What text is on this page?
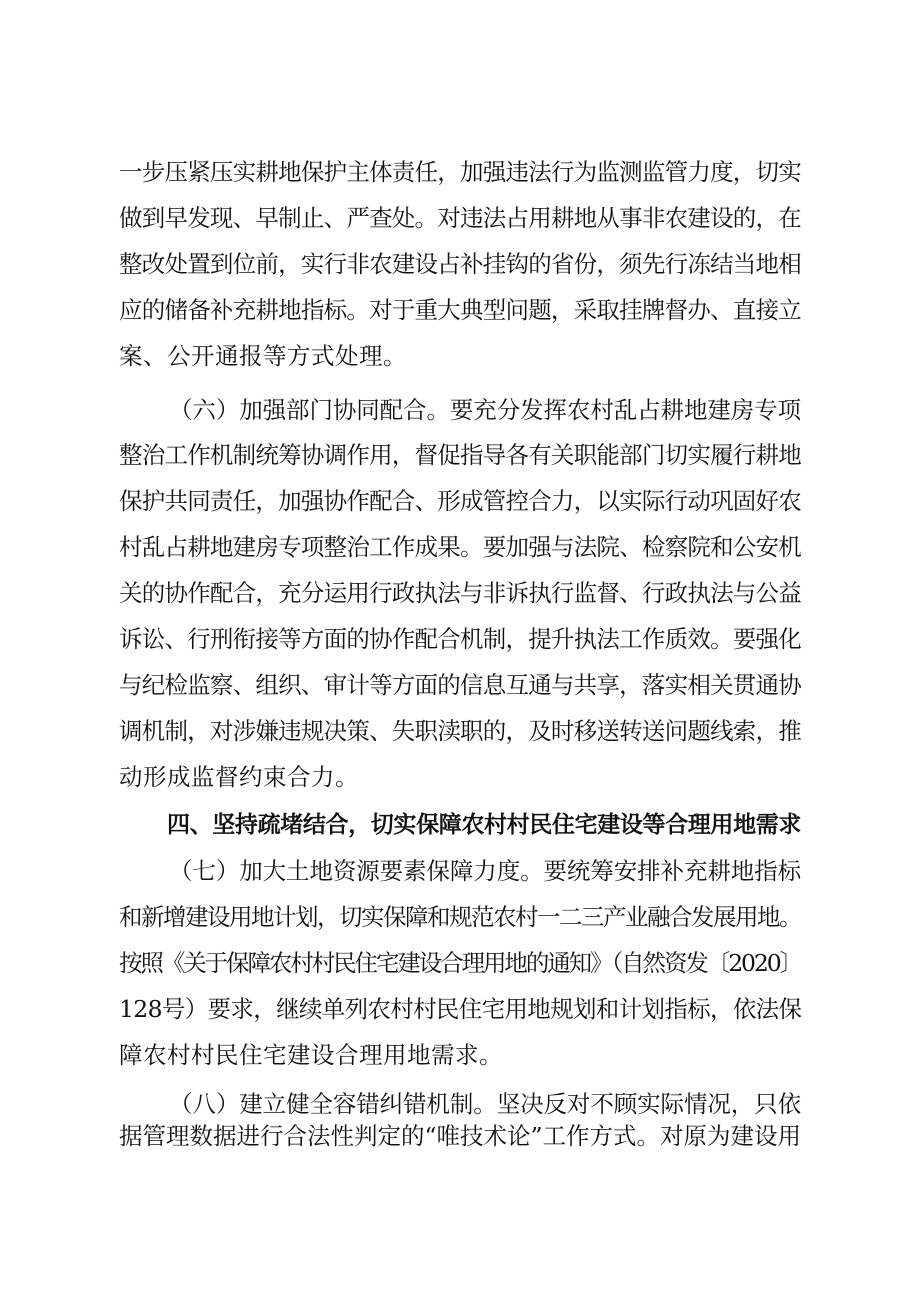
一步压紧压实耕地保护主体责任，加强违法行为监测监管力度，切实
做到早发现、早制止、严查处。对违法占用耕地从事非农建设的，在
整改处置到位前，实行非农建设占补挂钩的省份，须先行冻结当地相
应的储备补充耕地指标。对于重大典型问题，采取挂牌督办、直接立
案、公开通报等方式处理。
（六）加强部门协同配合。要充分发挥农村乱占耕地建房专项
整治工作机制统筹协调作用，督促指导各有关职能部门切实履行耕地
保护共同责任，加强协作配合、形成管控合力，以实际行动巩固好农
村乱占耕地建房专项整治工作成果。要加强与法院、检察院和公安机
关的协作配合，充分运用行政执法与非诉执行监督、行政执法与公益
诉讼、行刑衔接等方面的协作配合机制，提升执法工作质效。要强化
与纪检监察、组织、审计等方面的信息互通与共享，落实相关贯通协
调机制，对涉嫌违规决策、失职渎职的，及时移送转送问题线索，推
动形成监督约束合力。
四、坚持疏堵结合，切实保障农村村民住宅建设等合理用地需求
（七）加大土地资源要素保障力度。要统筹安排补充耕地指标
和新增建设用地计划，切实保障和规范农村一二三产业融合发展用地。
按照《关于保障农村村民住宅建设合理用地的通知》（自然资发〔2020〕
128号）要求，继续单列农村村民住宅用地规划和计划指标，依法保
障农村村民住宅建设合理用地需求。
（八）建立健全容错纠错机制。坚决反对不顾实际情况，只依
据管理数据进行合法性判定的“唯技术论”工作方式。对原为建设用
